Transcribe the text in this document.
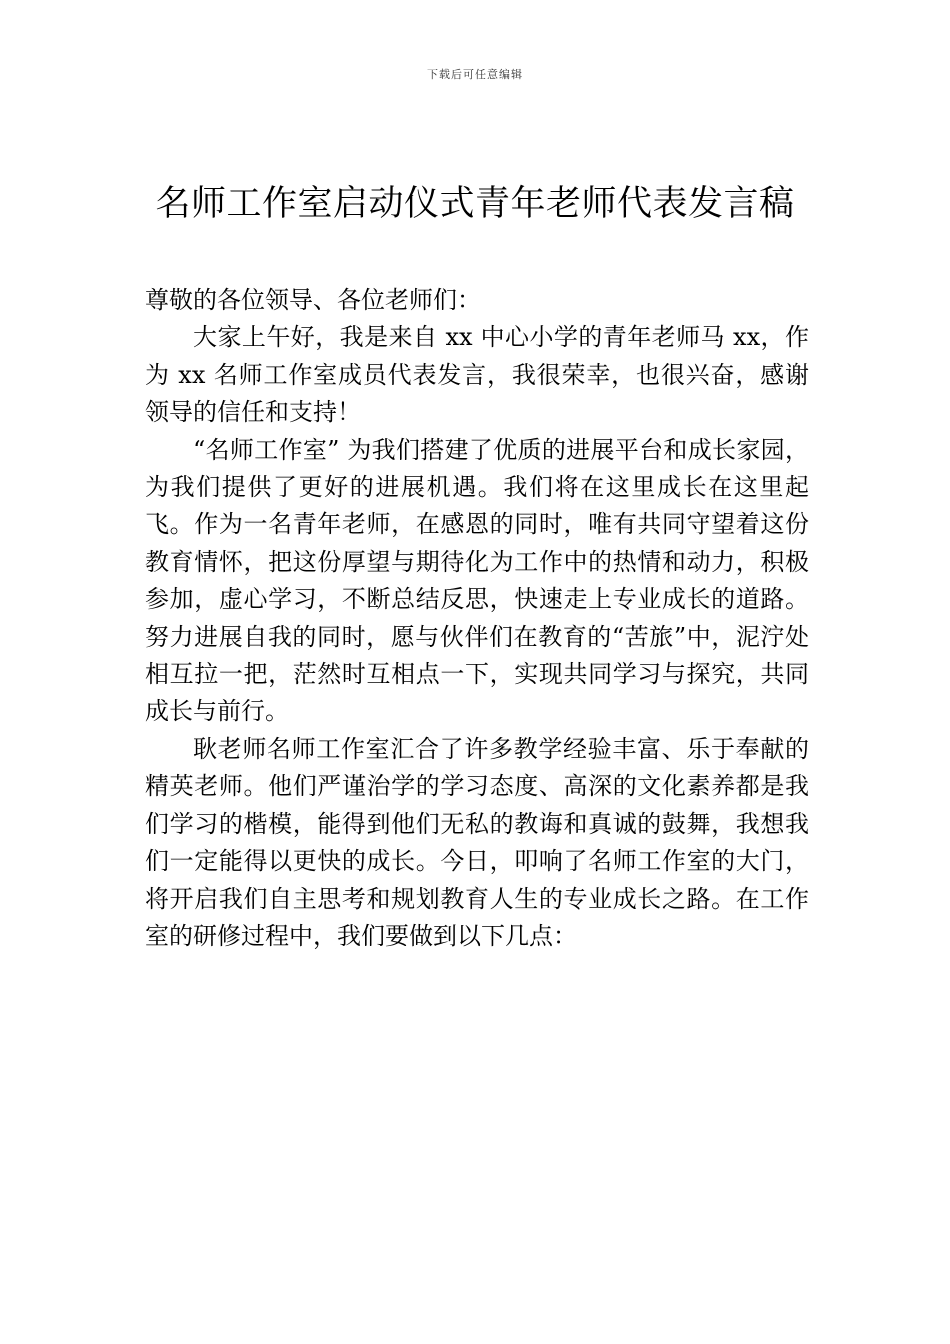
下载后可任意编辑
名师工作室启动仪式青年老师代表发言稿

尊敬的各位领导、各位老师们：

大家上午好，我是来自 xx 中心小学的青年老师马 xx，作为 xx 名师工作室成员代表发言，我很荣幸，也很兴奋，感谢领导的信任和支持！

“名师工作室” 为我们搭建了优质的进展平台和成长家园，为我们提供了更好的进展机遇。我们将在这里成长在这里起飞。作为一名青年老师，在感恩的同时，唯有共同守望着这份教育情怀，把这份厚望与期待化为工作中的热情和动力，积极参加，虚心学习，不断总结反思，快速走上专业成长的道路。努力进展自我的同时，愿与伙伴们在教育的“苦旅”中，泥泞处相互拉一把，茫然时互相点一下，实现共同学习与探究，共同成长与前行。

耿老师名师工作室汇合了许多教学经验丰富、乐于奉献的精英老师。他们严谨治学的学习态度、高深的文化素养都是我们学习的楷模，能得到他们无私的教诲和真诚的鼓舞，我想我们一定能得以更快的成长。今日，叩响了名师工作室的大门，将开启我们自主思考和规划教育人生的专业成长之路。在工作室的研修过程中，我们要做到以下几点：
